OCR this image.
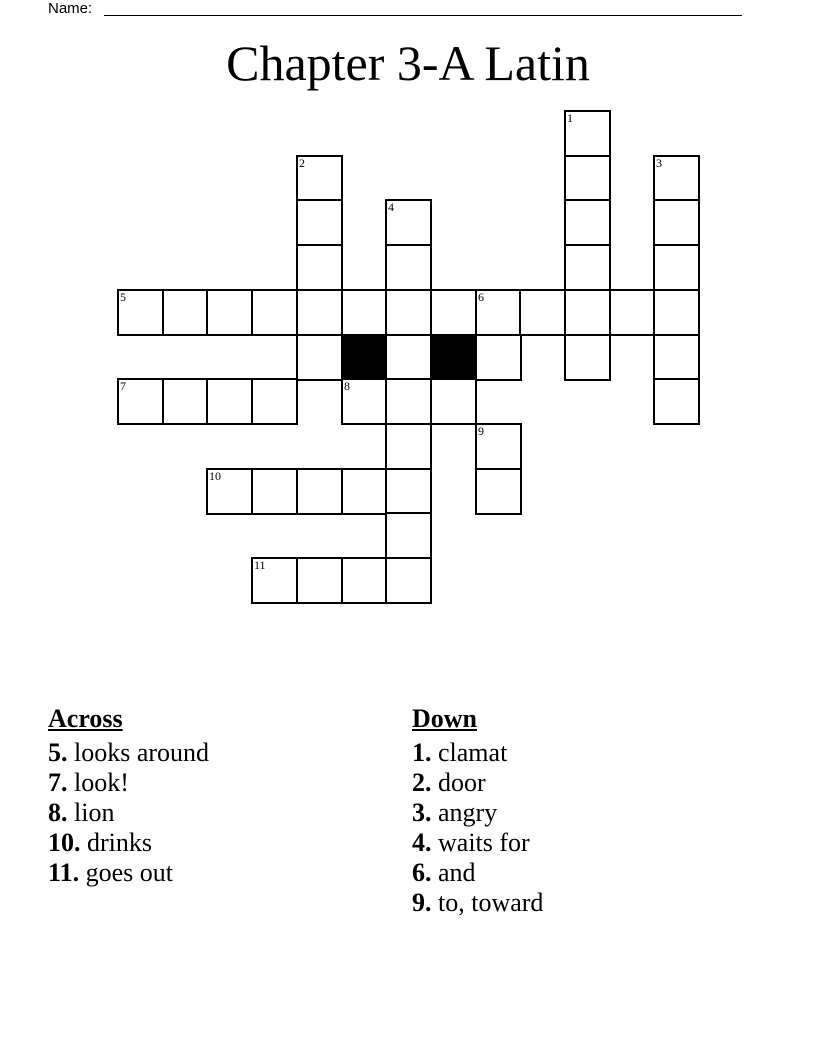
Name:
Chapter 3-A Latin
1
2	3
4
5	6
7	8
9
10
11
Across
5. looks around
7. look!
8. lion
10. drinks
11. goes out
Down
1. clamat
2. door
3. angry
4. waits for
6. and
9. to, toward
